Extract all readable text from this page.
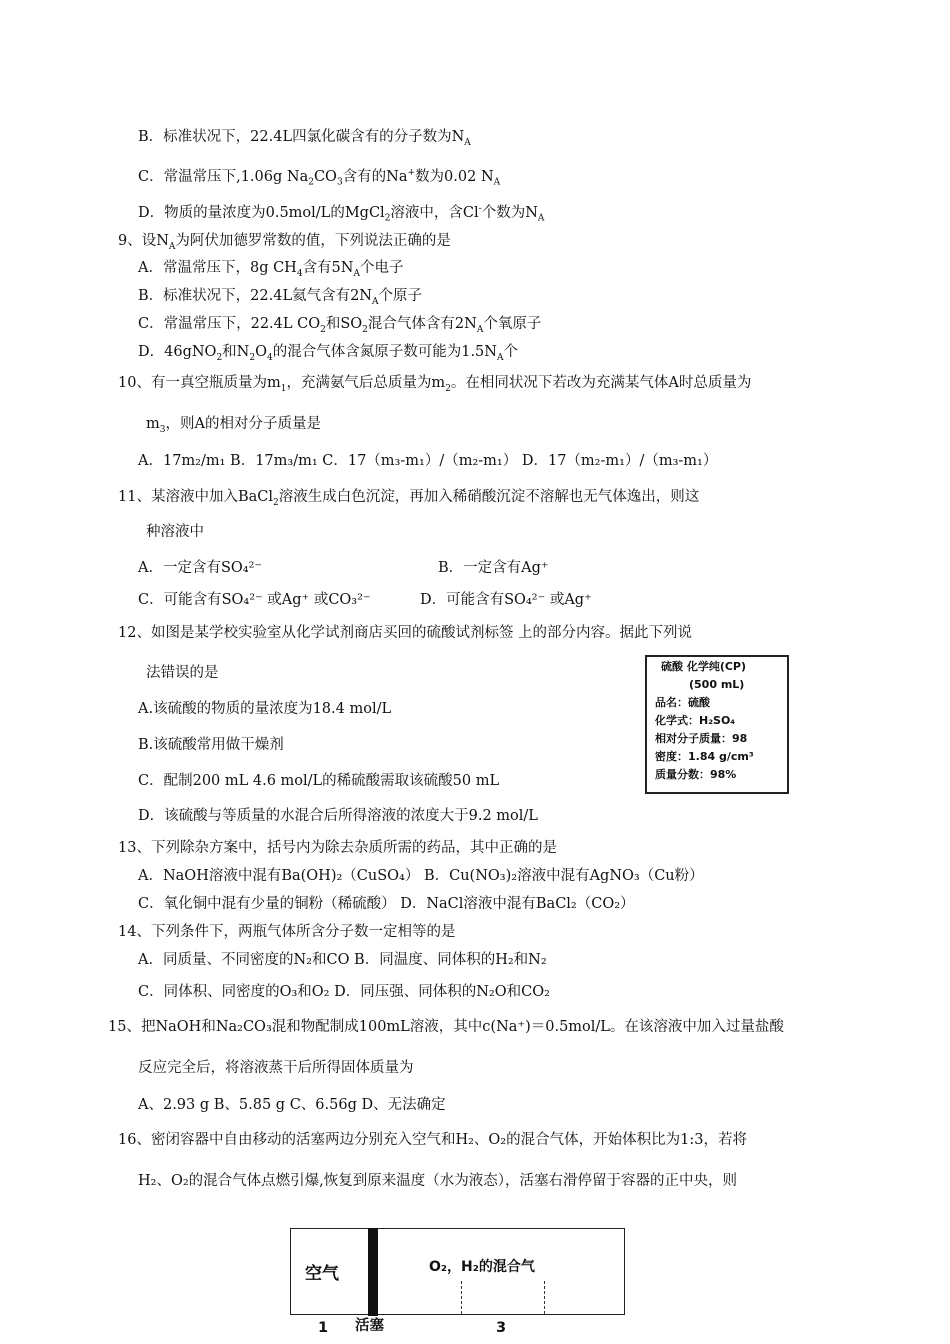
B．标准状况下，22.4L四氯化碳含有的分子数为$N_A$
C．常温常压下,1.06g $Na_2CO_3$含有的Na+数为0.02 $N_A$
D．物质的量浓度为0.5mol/L的MgCl$_2$溶液中，含Cl-个数为$N_A$
9、设$N_A$为阿伏加德罗常数的值，下列说法正确的是
A．常温常压下，8g $CH_4$含有$5N_A$个电子
B．标准状况下，22.4L氦气含有$2N_A$个原子
C．常温常压下，22.4L $CO_2$和$SO_2$混合气体含有$2N_A$个氧原子
D．46gNO$_2$和$N_2O_4$的混合气体含氮原子数可能为$1.5N_A$个
10、有一真空瓶质量为$m_1$，充满氨气后总质量为$m_2$。在相同状况下若改为充满某气体A时总质量为
$m_3$，则A的相对分子质量是
A．17m₂/m₁ B．17m₃/m₁ C．17（m₃-m₁）/（m₂-m₁） D．17（m₂-m₁）/（m₃-m₁）
11、某溶液中加入BaCl$_2$溶液生成白色沉淀，再加入稀硝酸沉淀不溶解也无气体逸出，则这
种溶液中
A．一定含有SO₄²⁻	B．一定含有Ag⁺
C．可能含有SO₄²⁻ 或Ag⁺ 或CO₃²⁻	D．可能含有SO₄²⁻ 或Ag⁺
12、如图是某学校实验室从化学试剂商店买回的硫酸试剂标签 上的部分内容。据此下列说
法错误的是
A.该硫酸的物质的量浓度为18.4 mol/L
B.该硫酸常用做干燥剂
C．配制200 mL 4.6 mol/L的稀硫酸需取该硫酸50 mL
D．该硫酸与等质量的水混合后所得溶液的浓度大于9.2 mol/L
硫酸 化学纯(CP)
(500 mL)
品名：硫酸
化学式：H₂SO₄
相对分子质量：98
密度：1.84 g/cm³
质量分数：98%
13、下列除杂方案中，括号内为除去杂质所需的药品，其中正确的是
A．NaOH溶液中混有Ba(OH)₂（CuSO₄） B．Cu(NO₃)₂溶液中混有AgNO₃（Cu粉）
C．氧化铜中混有少量的铜粉（稀硫酸） D．NaCl溶液中混有BaCl₂（CO₂）
14、下列条件下，两瓶气体所含分子数一定相等的是
A．同质量、不同密度的N₂和CO B．同温度、同体积的H₂和N₂
C．同体积、同密度的O₃和O₂ D．同压强、同体积的N₂O和CO₂
15、把NaOH和Na₂CO₃混和物配制成100mL溶液，其中c(Na⁺)＝0.5mol/L。在该溶液中加入过量盐酸
反应完全后，将溶液蒸干后所得固体质量为
A、2.93 g B、5.85 g C、6.56g D、无法确定
16、密闭容器中自由移动的活塞两边分别充入空气和H₂、O₂的混合气体，开始体积比为1:3，若将
H₂、O₂的混合气体点燃引爆,恢复到原来温度（水为液态），活塞右滑停留于容器的正中央，则
空气	O₂，H₂的混合气
1 活塞	3
